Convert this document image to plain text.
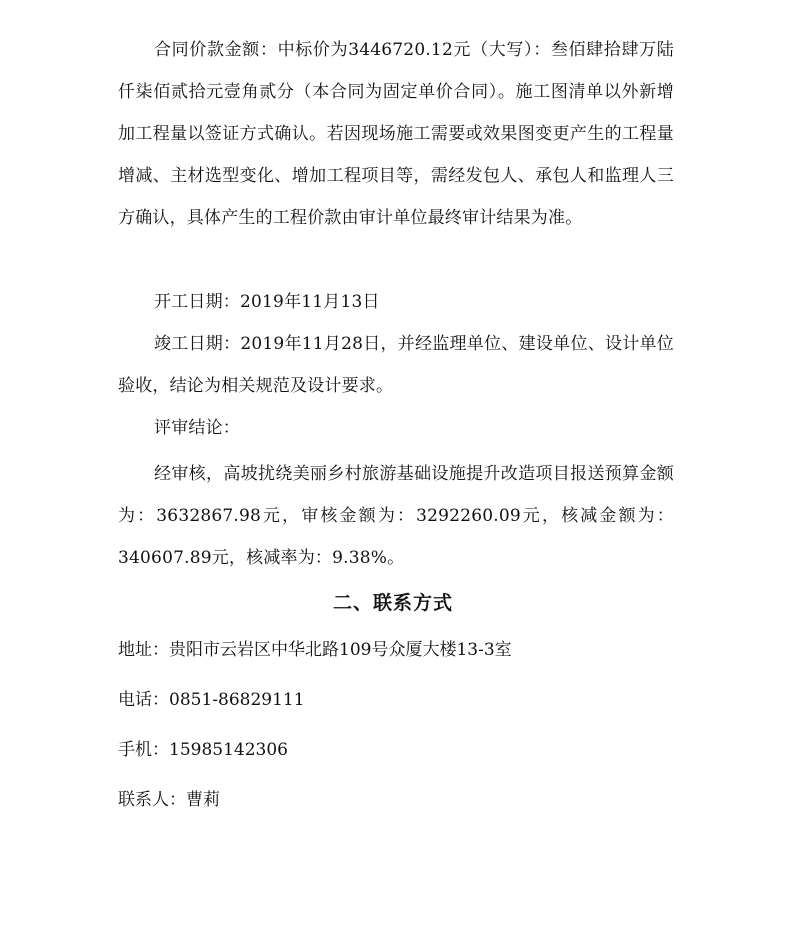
合同价款金额：中标价为3446720.12元（大写）：叁佰肆拾肆万陆仟柒佰贰拾元壹角贰分（本合同为固定单价合同）。施工图清单以外新增加工程量以签证方式确认。若因现场施工需要或效果图变更产生的工程量增减、主材选型变化、增加工程项目等，需经发包人、承包人和监理人三方确认，具体产生的工程价款由审计单位最终审计结果为准。

开工日期：2019年11月13日

竣工日期：2019年11月28日，并经监理单位、建设单位、设计单位验收，结论为相关规范及设计要求。

评审结论：

经审核，高坡扰绕美丽乡村旅游基础设施提升改造项目报送预算金额为：3632867.98元，审核金额为：3292260.09元，核减金额为：340607.89元，核减率为：9.38%。

二、联系方式

地址：贵阳市云岩区中华北路109号众厦大楼13-3室

电话：0851-86829111

手机：15985142306

联系人：曹莉
